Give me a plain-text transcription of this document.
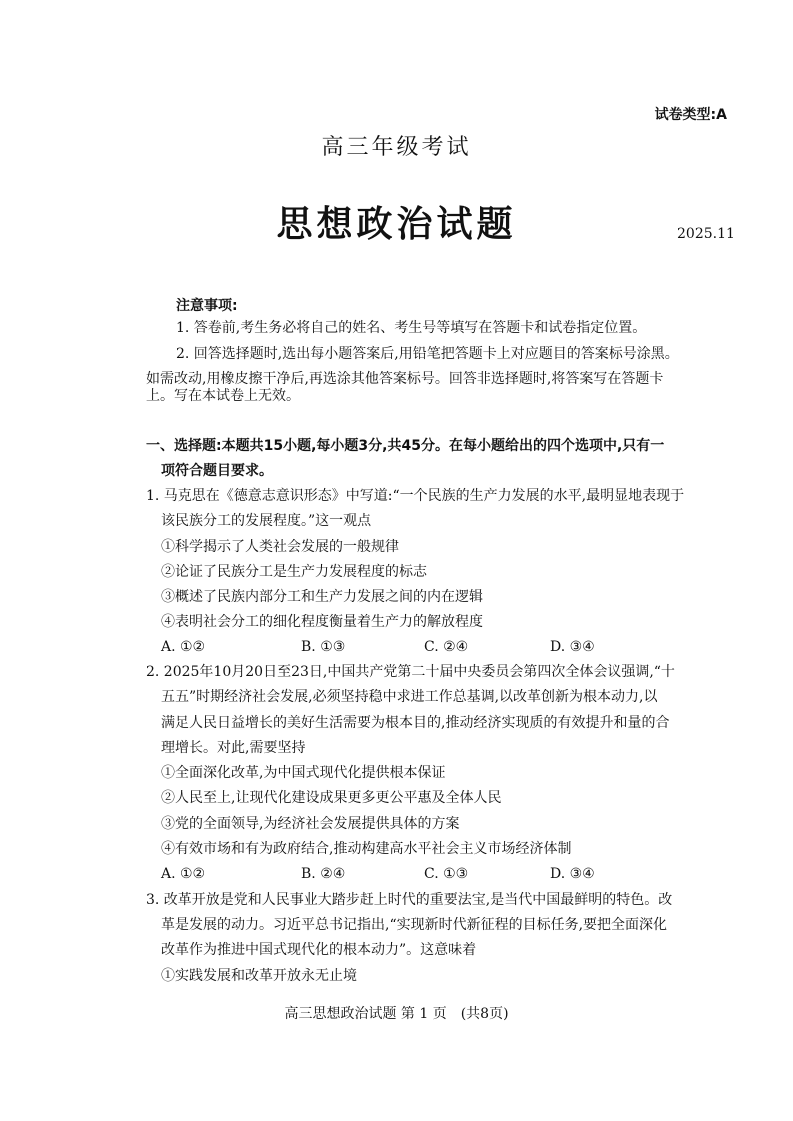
试卷类型:A
高三年级考试
思想政治试题	2025.11
注意事项:
1. 答卷前,考生务必将自己的姓名、考生号等填写在答题卡和试卷指定位置。
2. 回答选择题时,选出每小题答案后,用铅笔把答题卡上对应题目的答案标号涂黑。
如需改动,用橡皮擦干净后,再选涂其他答案标号。回答非选择题时,将答案写在答题卡
上。写在本试卷上无效。
一、选择题:本题共15小题,每小题3分,共45分。在每小题给出的四个选项中,只有一
项符合题目要求。
1. 马克思在《德意志意识形态》中写道:“一个民族的生产力发展的水平,最明显地表现于
该民族分工的发展程度。”这一观点
①科学揭示了人类社会发展的一般规律
②论证了民族分工是生产力发展程度的标志
③概述了民族内部分工和生产力发展之间的内在逻辑
④表明社会分工的细化程度衡量着生产力的解放程度
A. ①②	B. ①③	C. ②④	D. ③④
2. 2025年10月20日至23日,中国共产党第二十届中央委员会第四次全体会议强调,“十
五五”时期经济社会发展,必须坚持稳中求进工作总基调,以改革创新为根本动力,以
满足人民日益增长的美好生活需要为根本目的,推动经济实现质的有效提升和量的合
理增长。对此,需要坚持
①全面深化改革,为中国式现代化提供根本保证
②人民至上,让现代化建设成果更多更公平惠及全体人民
③党的全面领导,为经济社会发展提供具体的方案
④有效市场和有为政府结合,推动构建高水平社会主义市场经济体制
A. ①②	B. ②④	C. ①③	D. ③④
3. 改革开放是党和人民事业大踏步赶上时代的重要法宝,是当代中国最鲜明的特色。改
革是发展的动力。习近平总书记指出,“实现新时代新征程的目标任务,要把全面深化
改革作为推进中国式现代化的根本动力”。这意味着
①实践发展和改革开放永无止境
高三思想政治试题 第 1 页　(共8页)
